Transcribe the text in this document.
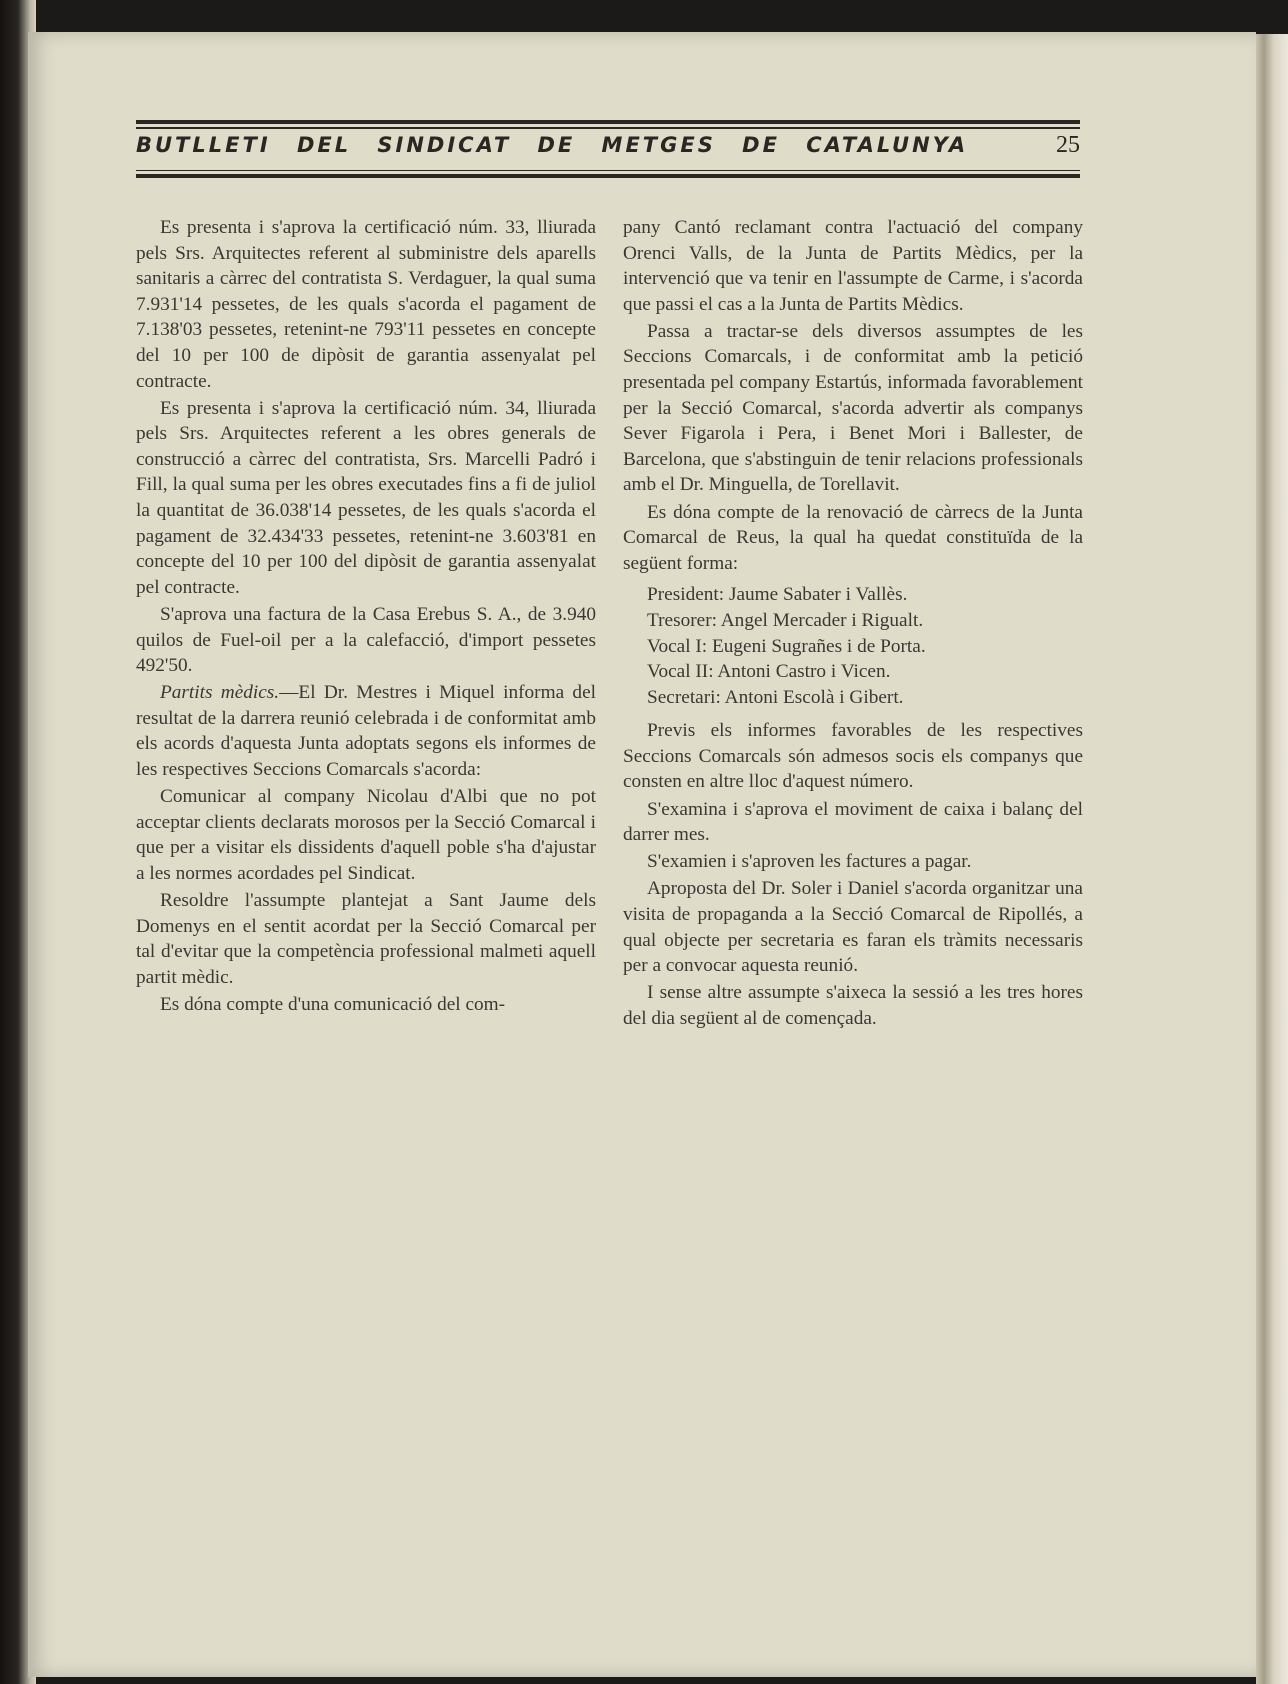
BUTLLETI DEL SINDICAT DE METGES DE CATALUNYA	25

Es presenta i s'aprova la certificació núm. 33, lliurada pels Srs. Arquitectes referent al subministre dels aparells sanitaris a càrrec del contratista S. Verdaguer, la qual suma 7.931'14 pessetes, de les quals s'acorda el pagament de 7.138'03 pessetes, retenint-ne 793'11 pessetes en concepte del 10 per 100 de dipòsit de garantia assenyalat pel contracte.

Es presenta i s'aprova la certificació núm. 34, lliurada pels Srs. Arquitectes referent a les obres generals de construcció a càrrec del contratista, Srs. Marcelli Padró i Fill, la qual suma per les obres executades fins a fi de juliol la quantitat de 36.038'14 pessetes, de les quals s'acorda el pagament de 32.434'33 pessetes, retenint-ne 3.603'81 en concepte del 10 per 100 del dipòsit de garantia assenyalat pel contracte.

S'aprova una factura de la Casa Erebus S. A., de 3.940 quilos de Fuel-oil per a la calefacció, d'import pessetes 492'50.

Partits mèdics.—El Dr. Mestres i Miquel informa del resultat de la darrera reunió celebrada i de conformitat amb els acords d'aquesta Junta adoptats segons els informes de les respectives Seccions Comarcals s'acorda:

Comunicar al company Nicolau d'Albi que no pot acceptar clients declarats morosos per la Secció Comarcal i que per a visitar els dissidents d'aquell poble s'ha d'ajustar a les normes acordades pel Sindicat.

Resoldre l'assumpte plantejat a Sant Jaume dels Domenys en el sentit acordat per la Secció Comarcal per tal d'evitar que la competència professional malmeti aquell partit mèdic.

Es dóna compte d'una comunicació del com-

pany Cantó reclamant contra l'actuació del company Orenci Valls, de la Junta de Partits Mèdics, per la intervenció que va tenir en l'assumpte de Carme, i s'acorda que passi el cas a la Junta de Partits Mèdics.

Passa a tractar-se dels diversos assumptes de les Seccions Comarcals, i de conformitat amb la petició presentada pel company Estartús, informada favorablement per la Secció Comarcal, s'acorda advertir als companys Sever Figarola i Pera, i Benet Mori i Ballester, de Barcelona, que s'abstinguin de tenir relacions professionals amb el Dr. Minguella, de Torellavit.

Es dóna compte de la renovació de càrrecs de la Junta Comarcal de Reus, la qual ha quedat constituïda de la següent forma:

President: Jaume Sabater i Vallès.
Tresorer: Angel Mercader i Rigualt.
Vocal I: Eugeni Sugrañes i de Porta.
Vocal II: Antoni Castro i Vicen.
Secretari: Antoni Escolà i Gibert.

Previs els informes favorables de les respectives Seccions Comarcals són admesos socis els companys que consten en altre lloc d'aquest número.

S'examina i s'aprova el moviment de caixa i balanç del darrer mes.

S'examien i s'aproven les factures a pagar.

Aproposta del Dr. Soler i Daniel s'acorda organitzar una visita de propaganda a la Secció Comarcal de Ripollés, a qual objecte per secretaria es faran els tràmits necessaris per a convocar aquesta reunió.

I sense altre assumpte s'aixeca la sessió a les tres hores del dia següent al de començada.
